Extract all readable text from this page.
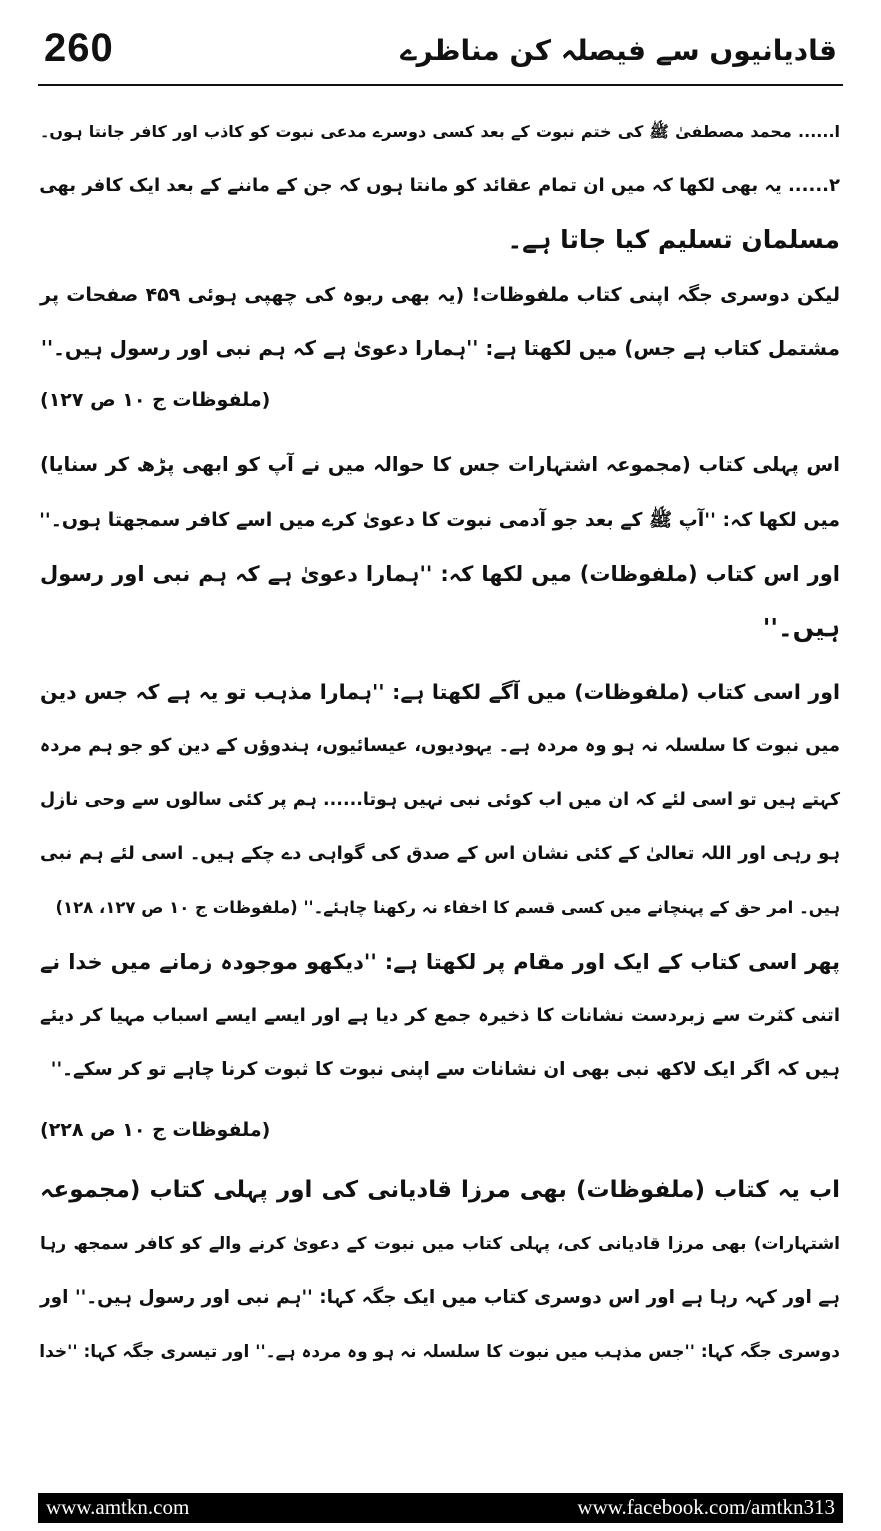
260	قادیانیوں سے فیصلہ کن مناظرے

ا...... محمد مصطفیٰ ﷺ کی ختم نبوت کے بعد کسی دوسرے مدعی نبوت کو کاذب اور کافر جانتا ہوں۔

۲...... یہ بھی لکھا کہ میں ان تمام عقائد کو مانتا ہوں کہ جن کے ماننے کے بعد ایک کافر بھی

مسلمان تسلیم کیا جاتا ہے۔

لیکن دوسری جگہ اپنی کتاب ملفوظات! (یہ بھی ربوہ کی چھپی ہوئی ۴۵۹ صفحات پر

مشتمل کتاب ہے جس) میں لکھتا ہے: ''ہمارا دعویٰ ہے کہ ہم نبی اور رسول ہیں۔''

(ملفوظات ج ۱۰ ص ۱۲۷)

اس پہلی کتاب (مجموعہ اشتہارات جس کا حوالہ میں نے آپ کو ابھی پڑھ کر سنایا)

میں لکھا کہ: ''آپ ﷺ کے بعد جو آدمی نبوت کا دعویٰ کرے میں اسے کافر سمجھتا ہوں۔''

اور اس کتاب (ملفوظات) میں لکھا کہ: ''ہمارا دعویٰ ہے کہ ہم نبی اور رسول

ہیں۔''

اور اسی کتاب (ملفوظات) میں آگے لکھتا ہے: ''ہمارا مذہب تو یہ ہے کہ جس دین

میں نبوت کا سلسلہ نہ ہو وہ مردہ ہے۔ یہودیوں، عیسائیوں، ہندوؤں کے دین کو جو ہم مردہ

کہتے ہیں تو اسی لئے کہ ان میں اب کوئی نبی نہیں ہوتا...... ہم پر کئی سالوں سے وحی نازل

ہو رہی اور اللہ تعالیٰ کے کئی نشان اس کے صدق کی گواہی دے چکے ہیں۔ اسی لئے ہم نبی

ہیں۔ امر حق کے پہنچانے میں کسی قسم کا اخفاء نہ رکھنا چاہئے۔'' (ملفوظات ج ۱۰ ص ۱۲۷، ۱۲۸)

پھر اسی کتاب کے ایک اور مقام پر لکھتا ہے: ''دیکھو موجودہ زمانے میں خدا نے

اتنی کثرت سے زبردست نشانات کا ذخیرہ جمع کر دیا ہے اور ایسے ایسے اسباب مہیا کر دیئے

ہیں کہ اگر ایک لاکھ نبی بھی ان نشانات سے اپنی نبوت کا ثبوت کرنا چاہے تو کر سکے۔''

(ملفوظات ج ۱۰ ص ۲۲۸)

اب یہ کتاب (ملفوظات) بھی مرزا قادیانی کی اور پہلی کتاب (مجموعہ

اشتہارات) بھی مرزا قادیانی کی، پہلی کتاب میں نبوت کے دعویٰ کرنے والے کو کافر سمجھ رہا

ہے اور کہہ رہا ہے اور اس دوسری کتاب میں ایک جگہ کہا: ''ہم نبی اور رسول ہیں۔'' اور

دوسری جگہ کہا: ''جس مذہب میں نبوت کا سلسلہ نہ ہو وہ مردہ ہے۔'' اور تیسری جگہ کہا: ''خدا

www.amtkn.com	www.facebook.com/amtkn313
